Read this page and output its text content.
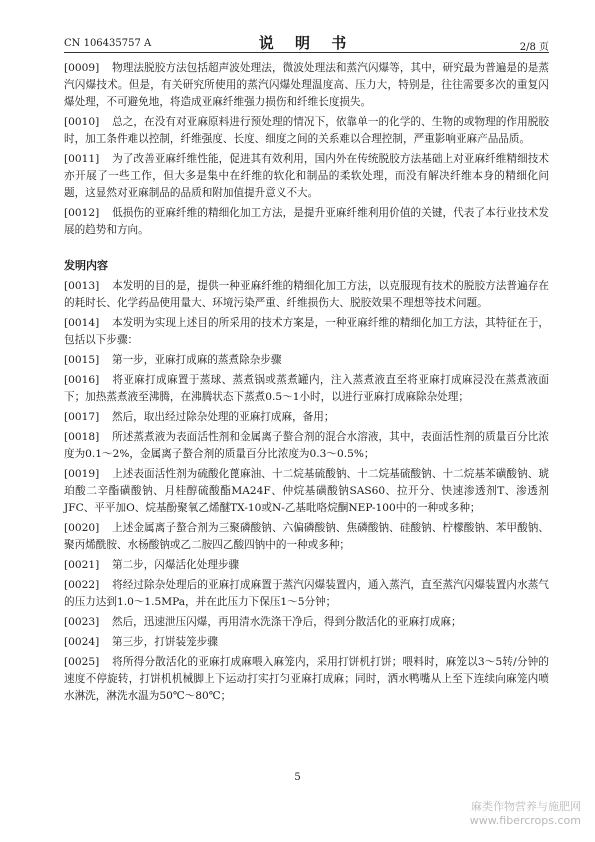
CN 106435757 A	说 明 书	2/8 页
[0009] 物理法脱胶方法包括超声波处理法，微波处理法和蒸汽闪爆等，其中，研究最为普遍是的是蒸汽闪爆技术。但是，有关研究所使用的蒸汽闪爆处理温度高、压力大，特别是，往往需要多次的重复闪爆处理，不可避免地，将造成亚麻纤维强力损伤和纤维长度损失。
[0010] 总之，在没有对亚麻原料进行预处理的情况下，依靠单一的化学的、生物的或物理的作用脱胶时，加工条件难以控制，纤维强度、长度、细度之间的关系难以合理控制，严重影响亚麻产品品质。
[0011] 为了改善亚麻纤维性能，促进其有效利用，国内外在传统脱胶方法基础上对亚麻纤维精细技术亦开展了一些工作，但大多是集中在纤维的软化和制品的柔软处理，而没有解决纤维本身的精细化问题，这显然对亚麻制品的品质和附加值提升意义不大。
[0012] 低损伤的亚麻纤维的精细化加工方法，是提升亚麻纤维利用价值的关键，代表了本行业技术发展的趋势和方向。
发明内容
[0013] 本发明的目的是，提供一种亚麻纤维的精细化加工方法，以克服现有技术的脱胶方法普遍存在的耗时长、化学药品使用量大、环境污染严重、纤维损伤大、脱胶效果不理想等技术问题。
[0014] 本发明为实现上述目的所采用的技术方案是，一种亚麻纤维的精细化加工方法，其特征在于，包括以下步骤：
[0015] 第一步，亚麻打成麻的蒸煮除杂步骤
[0016] 将亚麻打成麻置于蒸球、蒸煮锅或蒸煮罐内，注入蒸煮液直至将亚麻打成麻浸没在蒸煮液面下；加热蒸煮液至沸腾，在沸腾状态下蒸煮0.5～1小时，以进行亚麻打成麻除杂处理；
[0017] 然后，取出经过除杂处理的亚麻打成麻，备用；
[0018] 所述蒸煮液为表面活性剂和金属离子螯合剂的混合水溶液，其中，表面活性剂的质量百分比浓度为0.1～2%，金属离子螯合剂的质量百分比浓度为0.3～0.5%；
[0019] 上述表面活性剂为硫酸化蓖麻油、十二烷基硫酸钠、十二烷基硫酸钠、十二烷基苯磺酸钠、琥珀酸二辛酯磺酸钠、月桂醇硫酸酯MA24F、仲烷基磺酸钠SAS60、拉开分、快速渗透剂T、渗透剂JFC、平平加O、烷基酚聚氧乙烯醚TX-10或N-乙基吡咯烷酮NEP-100中的一种或多种；
[0020] 上述金属离子螯合剂为三聚磷酸钠、六偏磷酸钠、焦磷酸钠、硅酸钠、柠檬酸钠、苯甲酸钠、聚丙烯酰胺、水杨酸钠或乙二胺四乙酸四钠中的一种或多种；
[0021] 第二步，闪爆活化处理步骤
[0022] 将经过除杂处理后的亚麻打成麻置于蒸汽闪爆装置内，通入蒸汽，直至蒸汽闪爆装置内水蒸气的压力达到1.0～1.5MPa，并在此压力下保压1～5分钟；
[0023] 然后，迅速泄压闪爆，再用清水洗涤干净后，得到分散活化的亚麻打成麻；
[0024] 第三步，打饼装笼步骤
[0025] 将所得分散活化的亚麻打成麻喂入麻笼内，采用打饼机打饼；喂料时，麻笼以3～5转/分钟的速度不停旋转，打饼机机械脚上下运动打实打匀亚麻打成麻；同时，洒水鸭嘴从上至下连续向麻笼内喷水淋洗，淋洗水温为50℃～80℃；
5
麻类作物营养与施肥网
www.fibercrops.com
